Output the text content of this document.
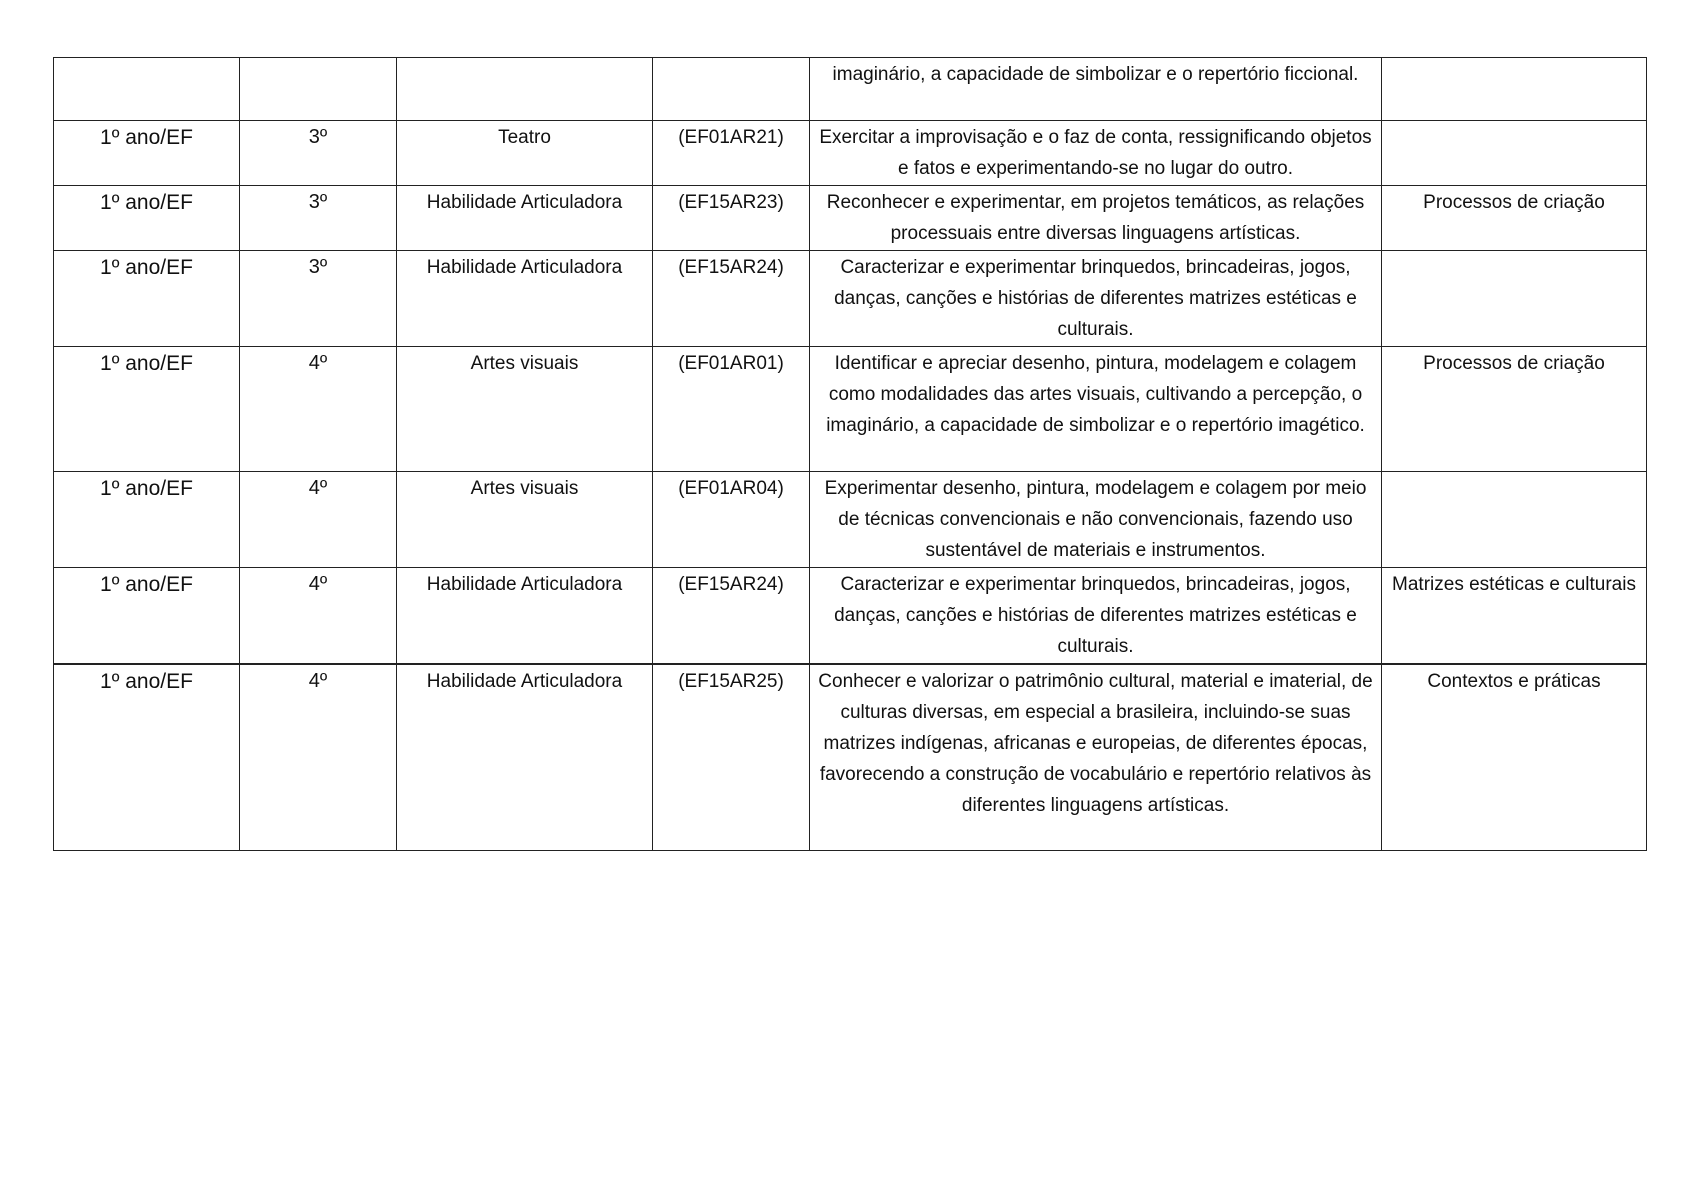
				imaginário, a capacidade de simbolizar e o repertório ficcional.	
1º ano/EF	3º	Teatro	(EF01AR21)	Exercitar a improvisação e o faz de conta, ressignificando objetos e fatos e experimentando-se no lugar do outro.	
1º ano/EF	3º	Habilidade Articuladora	(EF15AR23)	Reconhecer e experimentar, em projetos temáticos, as relações processuais entre diversas linguagens artísticas.	Processos de criação
1º ano/EF	3º	Habilidade Articuladora	(EF15AR24)	Caracterizar e experimentar brinquedos, brincadeiras, jogos, danças, canções e histórias de diferentes matrizes estéticas e culturais.	
1º ano/EF	4º	Artes visuais	(EF01AR01)	Identificar e apreciar desenho, pintura, modelagem e colagem como modalidades das artes visuais, cultivando a percepção, o imaginário, a capacidade de simbolizar e o repertório imagético.	Processos de criação
1º ano/EF	4º	Artes visuais	(EF01AR04)	Experimentar desenho, pintura, modelagem e colagem por meio de técnicas convencionais e não convencionais, fazendo uso sustentável de materiais e instrumentos.	
1º ano/EF	4º	Habilidade Articuladora	(EF15AR24)	Caracterizar e experimentar brinquedos, brincadeiras, jogos, danças, canções e histórias de diferentes matrizes estéticas e culturais.	Matrizes estéticas e culturais
1º ano/EF	4º	Habilidade Articuladora	(EF15AR25)	Conhecer e valorizar o patrimônio cultural, material e imaterial, de culturas diversas, em especial a brasileira, incluindo-se suas matrizes indígenas, africanas e europeias, de diferentes épocas, favorecendo a construção de vocabulário e repertório relativos às diferentes linguagens artísticas.	Contextos e práticas
